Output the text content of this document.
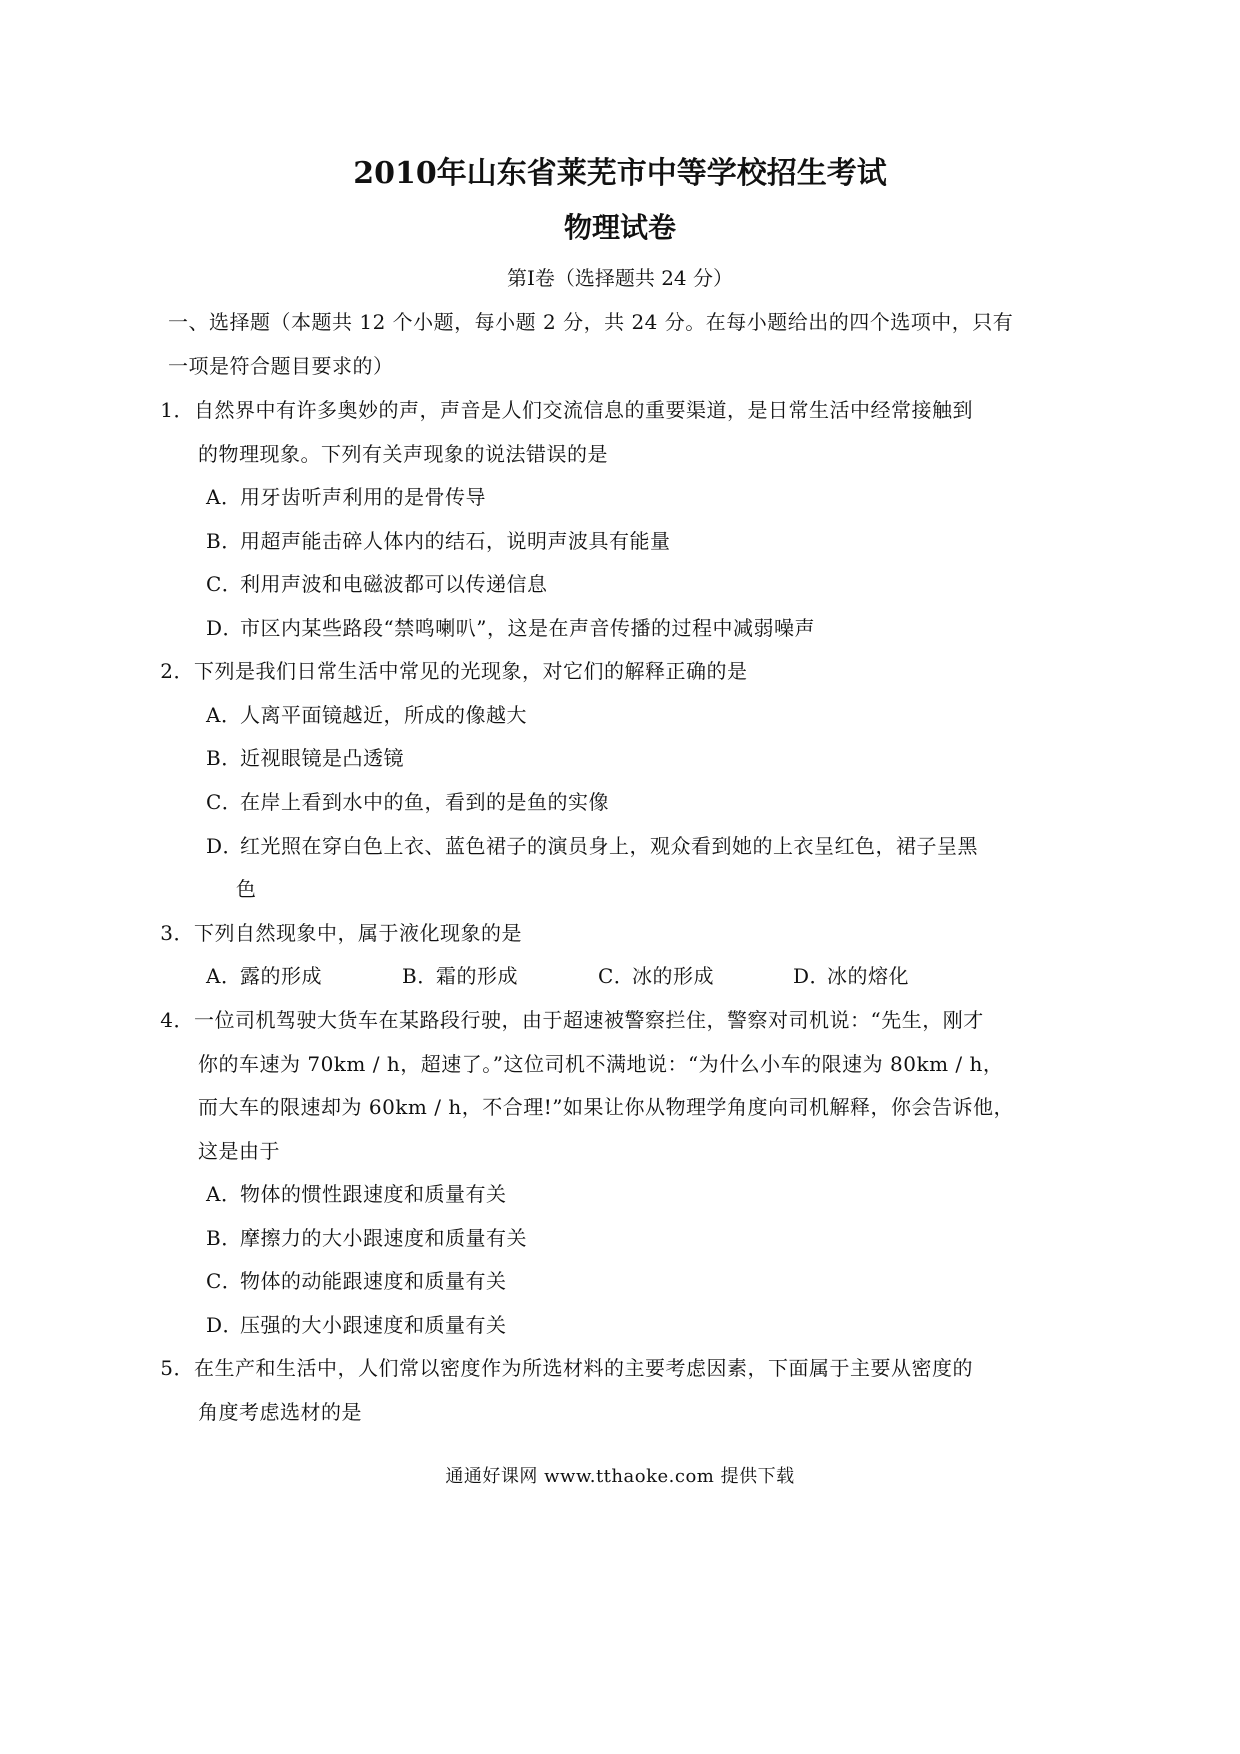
2010年山东省莱芜市中等学校招生考试
物理试卷
第Ⅰ卷（选择题共 24 分）
一、选择题（本题共 12 个小题，每小题 2 分，共 24 分。在每小题给出的四个选项中，只有
一项是符合题目要求的）
1．自然界中有许多奥妙的声，声音是人们交流信息的重要渠道，是日常生活中经常接触到
的物理现象。下列有关声现象的说法错误的是
A．用牙齿听声利用的是骨传导
B．用超声能击碎人体内的结石，说明声波具有能量
C．利用声波和电磁波都可以传递信息
D．市区内某些路段“禁鸣喇叭”，这是在声音传播的过程中减弱噪声
2．下列是我们日常生活中常见的光现象，对它们的解释正确的是
A．人离平面镜越近，所成的像越大
B．近视眼镜是凸透镜
C．在岸上看到水中的鱼，看到的是鱼的实像
D．红光照在穿白色上衣、蓝色裙子的演员身上，观众看到她的上衣呈红色，裙子呈黑
色
3．下列自然现象中，属于液化现象的是
A．露的形成	B．霜的形成	C．冰的形成	D．冰的熔化
4．一位司机驾驶大货车在某路段行驶，由于超速被警察拦住，警察对司机说：“先生，刚才
你的车速为 70km / h，超速了。”这位司机不满地说：“为什么小车的限速为 80km / h，
而大车的限速却为 60km / h，不合理!”如果让你从物理学角度向司机解释，你会告诉他，
这是由于
A．物体的惯性跟速度和质量有关
B．摩擦力的大小跟速度和质量有关
C．物体的动能跟速度和质量有关
D．压强的大小跟速度和质量有关
5．在生产和生活中，人们常以密度作为所选材料的主要考虑因素，下面属于主要从密度的
角度考虑选材的是
通通好课网 www.tthaoke.com 提供下载
